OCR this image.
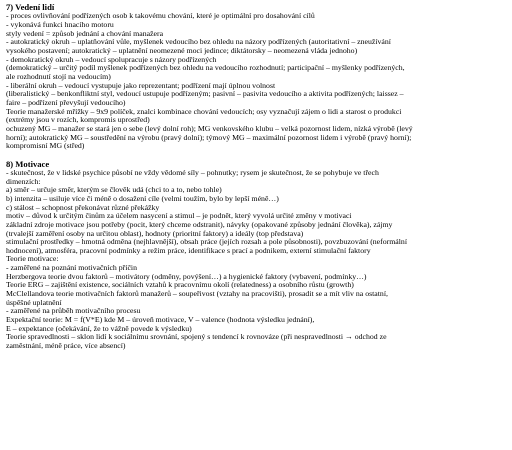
7) Vedení lidí
- proces ovlivňování podřízených osob k takovému chování, které je optimální pro dosahování cílů
- vykonává funkci hnacího motoru
styly vedení = způsob jednání a chování manažera
- autokratický okruh – uplatňování vůle, myšlenek vedoucího bez ohledu na názory podřízených (autoritativní – zneužívání
vysokého postavení; autokratický – uplatnění neomezené moci jedince; diktátorsky – neomezená vláda jednoho)
- demokratický okruh – vedoucí spolupracuje s názory podřízených
(demokratický – určitý podíl myšlenek podřízených bez ohledu na vedoucího rozhodnutí; participační – myšlenky podřízených,
ale rozhodnutí stojí na vedoucím)
- liberální okruh – vedoucí vystupuje jako reprezentant; podřízení mají úplnou volnost
(liberalistický – benkonfliktní styl, vedoucí ustupuje podřízeným; pasivní – pasivita vedoucího a aktivita podřízených; laissez –
faire – podřízení převyšují vedoucího)
Teorie manažerské mřížky – 9x9 políček, znalci kombinace chování vedoucích; osy vyznačují zájem o lidi a starost o produkci
(extrémy jsou v rozích, kompromis uprostřed)
ochuzený MG – manažer se stará jen o sebe (levý dolní roh); MG venkovského klubu – velká pozornost lidem, nízká výrobě (levý
horní); autokratický MG – soustředění na výrobu (pravý dolní); týmový MG – maximální pozornost lidem i výrobě (pravý horní);
kompromisní MG (střed)
8) Motivace
- skutečnost, že v lidské psychice působí ne vždy vědomé síly – pohnutky; rysem je skutečnost, že se pohybuje ve třech
dimenzích:
a) směr – určuje směr, kterým se člověk udá (chci to a to, nebo tohle)
b) intenzita – usiluje více či méně o dosažení cíle (velmi toužím, bylo by lepší méně…)
c) stálost – schopnost překonávat různé překážky
motiv – důvod k určitým činům za účelem nasycení a stimul – je podnět, který vyvolá určité změny v motivaci
základní zdroje motivace jsou potřeby (pocit, který chceme odstranit), návyky (opakované způsoby jednání člověka), zájmy
(trvalejší zaměření osoby na určitou oblast), hodnoty (prioritní faktory) a ideály (top představa)
stimulační prostředky – hmotná odměna (nejhlavnější), obsah práce (jejích rozsah a pole působnosti), povzbuzování (neformální
hodnocení), atmosféra, pracovní podmínky a režim práce, identifikace s prací a podnikem, externí stimulační faktory
Teorie motivace:
- zaměřené na poznání motivačních příčin
Herzbergova teorie dvou faktorů – motivátory (odměny, povýšení…) a hygienické faktory (vybavení, podmínky…)
Teorie ERG – zajištění existence, sociálních vztahů k pracovnímu okolí (relatedness) a osobního růstu (growth)
McClellandova teorie motivačních faktorů manažerů – soupeřivost (vztahy na pracovišti), prosadit se a mít vliv na ostatní,
úspěšné uplatnění
- zaměřené na průběh motivačního procesu
Expektační teorie: M = f(V*E) kde M – úroveň motivace, V – valence (hodnota výsledku jednání),
E – expektance (očekávání, že to vážně povede k výsledku)
Teorie spravedlnosti – sklon lidí k sociálnímu srovnání, spojený s tendencí k rovnováze (při nespravedlnosti → odchod ze
zaměstnání, méně práce, více absencí)
